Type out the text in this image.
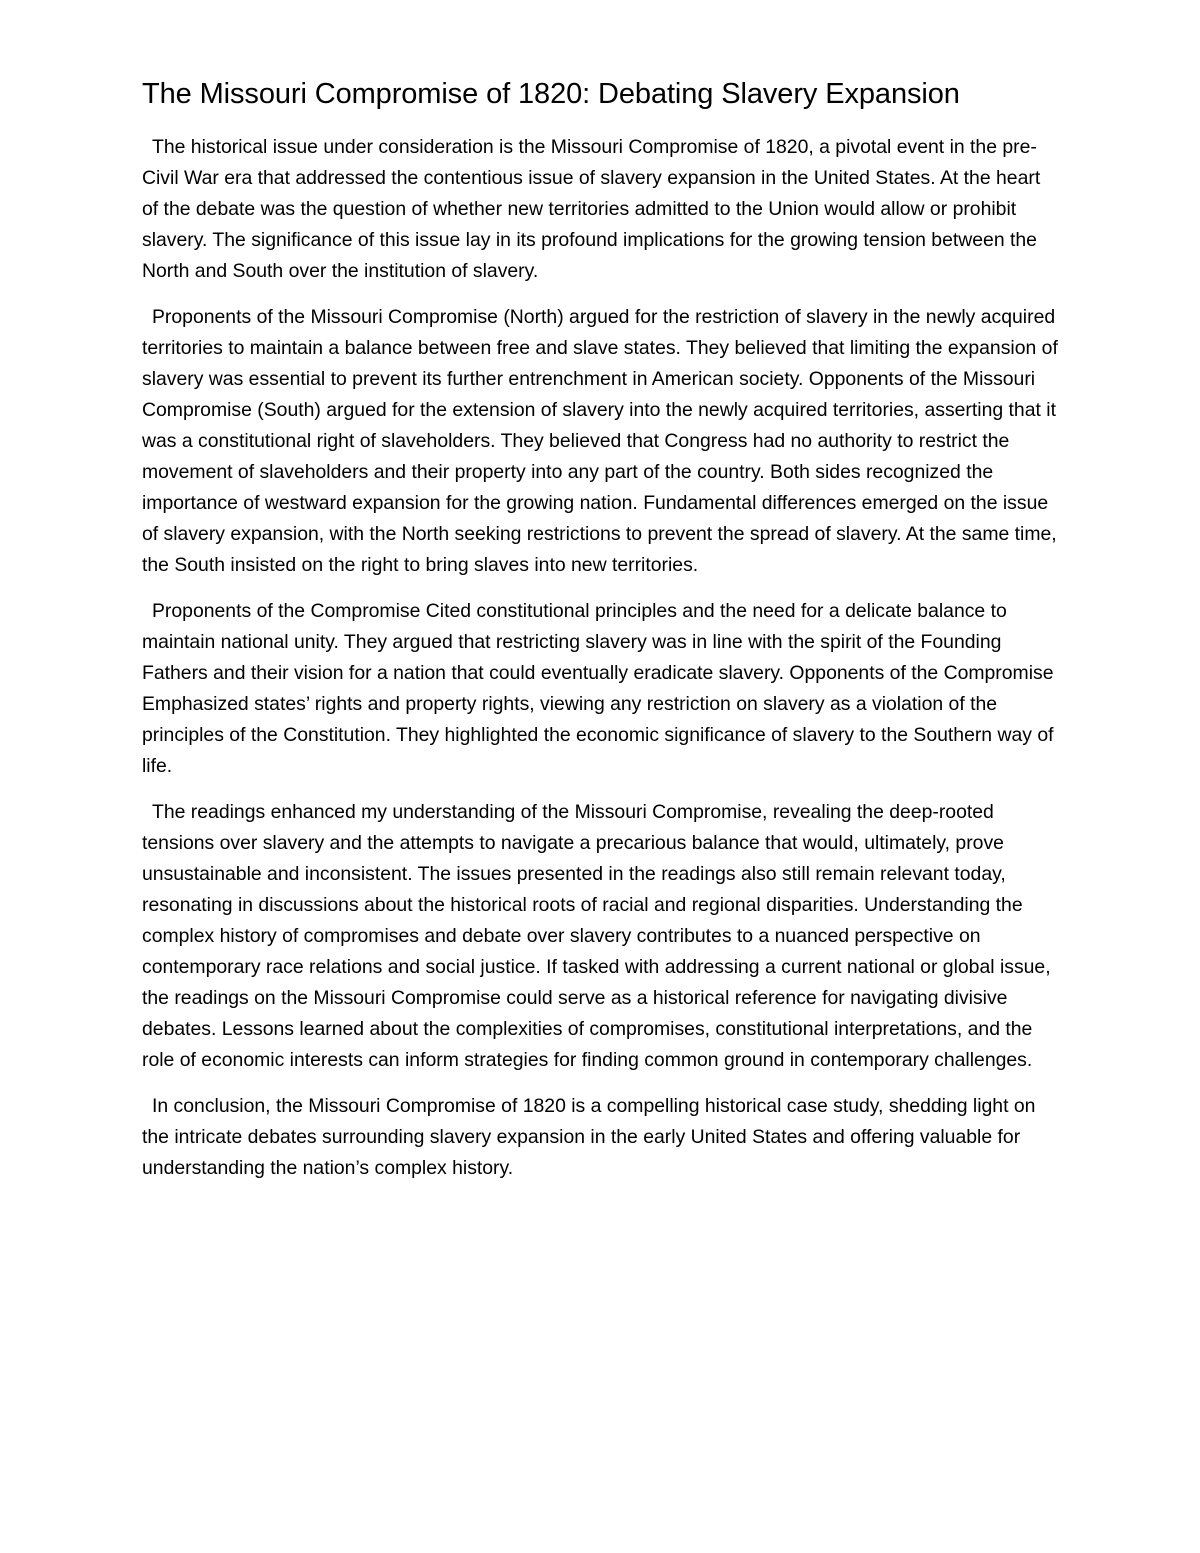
The Missouri Compromise of 1820: Debating Slavery Expansion

The historical issue under consideration is the Missouri Compromise of 1820, a pivotal event in the pre-Civil War era that addressed the contentious issue of slavery expansion in the United States. At the heart of the debate was the question of whether new territories admitted to the Union would allow or prohibit slavery. The significance of this issue lay in its profound implications for the growing tension between the North and South over the institution of slavery.

Proponents of the Missouri Compromise (North) argued for the restriction of slavery in the newly acquired territories to maintain a balance between free and slave states. They believed that limiting the expansion of slavery was essential to prevent its further entrenchment in American society. Opponents of the Missouri Compromise (South) argued for the extension of slavery into the newly acquired territories, asserting that it was a constitutional right of slaveholders. They believed that Congress had no authority to restrict the movement of slaveholders and their property into any part of the country. Both sides recognized the importance of westward expansion for the growing nation. Fundamental differences emerged on the issue of slavery expansion, with the North seeking restrictions to prevent the spread of slavery. At the same time, the South insisted on the right to bring slaves into new territories.

Proponents of the Compromise Cited constitutional principles and the need for a delicate balance to maintain national unity. They argued that restricting slavery was in line with the spirit of the Founding Fathers and their vision for a nation that could eventually eradicate slavery. Opponents of the Compromise Emphasized states’ rights and property rights, viewing any restriction on slavery as a violation of the principles of the Constitution. They highlighted the economic significance of slavery to the Southern way of life.

The readings enhanced my understanding of the Missouri Compromise, revealing the deep-rooted tensions over slavery and the attempts to navigate a precarious balance that would, ultimately, prove unsustainable and inconsistent. The issues presented in the readings also still remain relevant today, resonating in discussions about the historical roots of racial and regional disparities. Understanding the complex history of compromises and debate over slavery contributes to a nuanced perspective on contemporary race relations and social justice. If tasked with addressing a current national or global issue, the readings on the Missouri Compromise could serve as a historical reference for navigating divisive debates. Lessons learned about the complexities of compromises, constitutional interpretations, and the role of economic interests can inform strategies for finding common ground in contemporary challenges.

In conclusion, the Missouri Compromise of 1820 is a compelling historical case study, shedding light on the intricate debates surrounding slavery expansion in the early United States and offering valuable for understanding the nation’s complex history.
